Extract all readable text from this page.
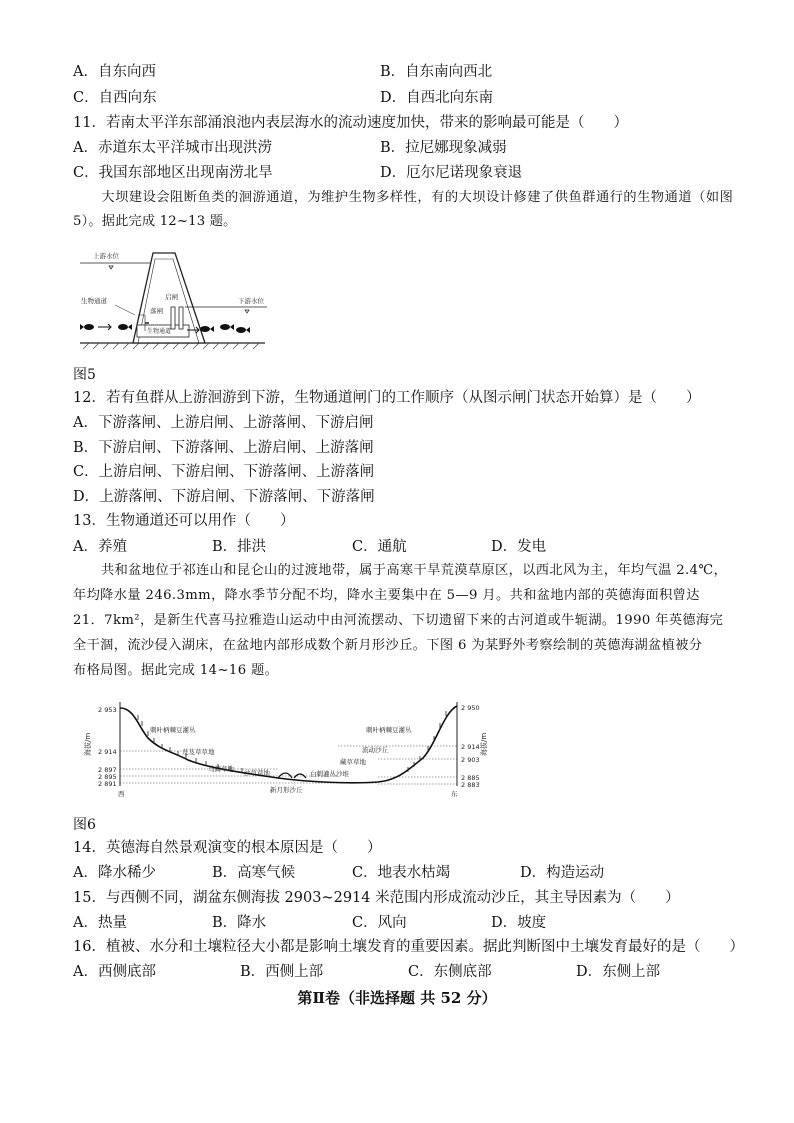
A．自东向西	B．自东南向西北
C．自西向东	D．自西北向东南
11．若南太平洋东部涌浪池内表层海水的流动速度加快，带来的影响最可能是（　　）
A．赤道东太平洋城市出现洪涝	B．拉尼娜现象减弱
C．我国东部地区出现南涝北旱	D．厄尔尼诺现象衰退
大坝建设会阻断鱼类的洄游通道，为维护生物多样性，有的大坝设计修建了供鱼群通行的生物通道（如图5）。据此完成 12~13 题。
上游水位
下游水位
生物通道	启闸
落闸
生物通道
图5
12．若有鱼群从上游洄游到下游，生物通道闸门的工作顺序（从图示闸门状态开始算）是（　　）
A．下游落闸、上游启闸、上游落闸、下游启闸
B．下游启闸、下游落闸、上游启闸、上游落闸
C．上游启闸、下游启闸、下游落闸、上游落闸
D．上游落闸、下游启闸、下游落闸、下游落闸
13．生物通道还可以用作（　　）
A．养殖	B．排洪	C．通航	D．发电
共和盆地位于祁连山和昆仑山的过渡地带，属于高寒干旱荒漠草原区，以西北风为主，年均气温 2.4℃，
年均降水量 246.3mm，降水季节分配不均，降水主要集中在 5—9 月。共和盆地内部的英德海面积曾达
21．7km²，是新生代喜马拉雅造山运动中由河流摆动、下切遗留下来的古河道或牛轭湖。1990 年英德海完
全干涸，流沙侵入湖床，在盆地内部形成数个新月形沙丘。下图 6 为某野外考察绘制的英德海湖盆植被分
布格局图。据此完成 14~16 题。
海拔/m	海拔/m
2 953
2 914
2 897
2 895
2 891
2 950
2 914
2 903
2 885
2 883
刺叶柄棘豆灌丛
芨芨草草地
马蔺草地 沙草草地
新月形沙丘
白刺灌丛沙堆
藏草草地
流动沙丘
刺叶柄棘豆灌丛
西	东
图6
14．英德海自然景观演变的根本原因是（　　）
A．降水稀少	B．高寒气候	C．地表水枯竭	D．构造运动
15．与西侧不同，湖盆东侧海拔 2903~2914 米范围内形成流动沙丘，其主导因素为（　　）
A．热量	B．降水	C．风向	D．坡度
16．植被、水分和土壤粒径大小都是影响土壤发育的重要因素。据此判断图中土壤发育最好的是（　　）
A．西侧底部	B．西侧上部	C．东侧底部	D．东侧上部
第Ⅱ卷（非选择题 共 52 分）
